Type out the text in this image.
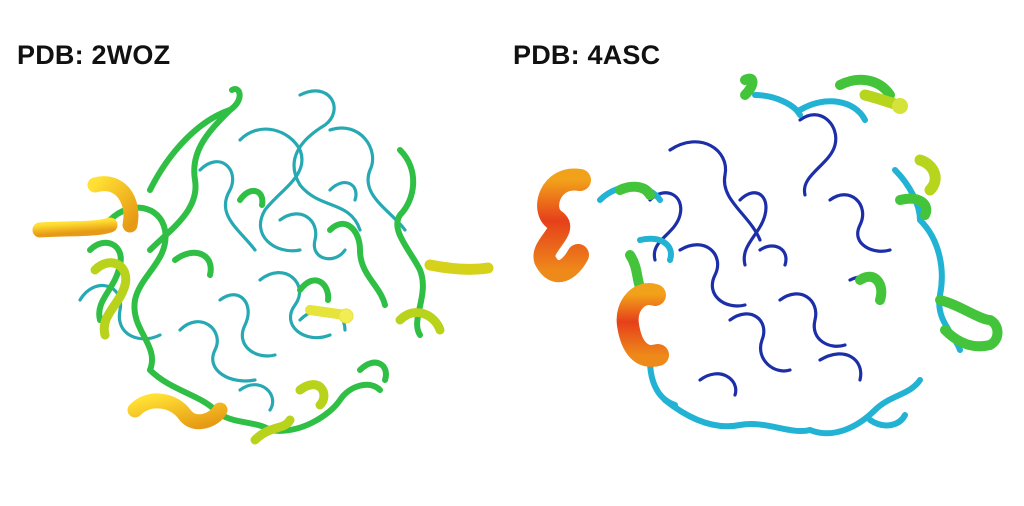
PDB: 2WOZ	PDB: 4ASC
